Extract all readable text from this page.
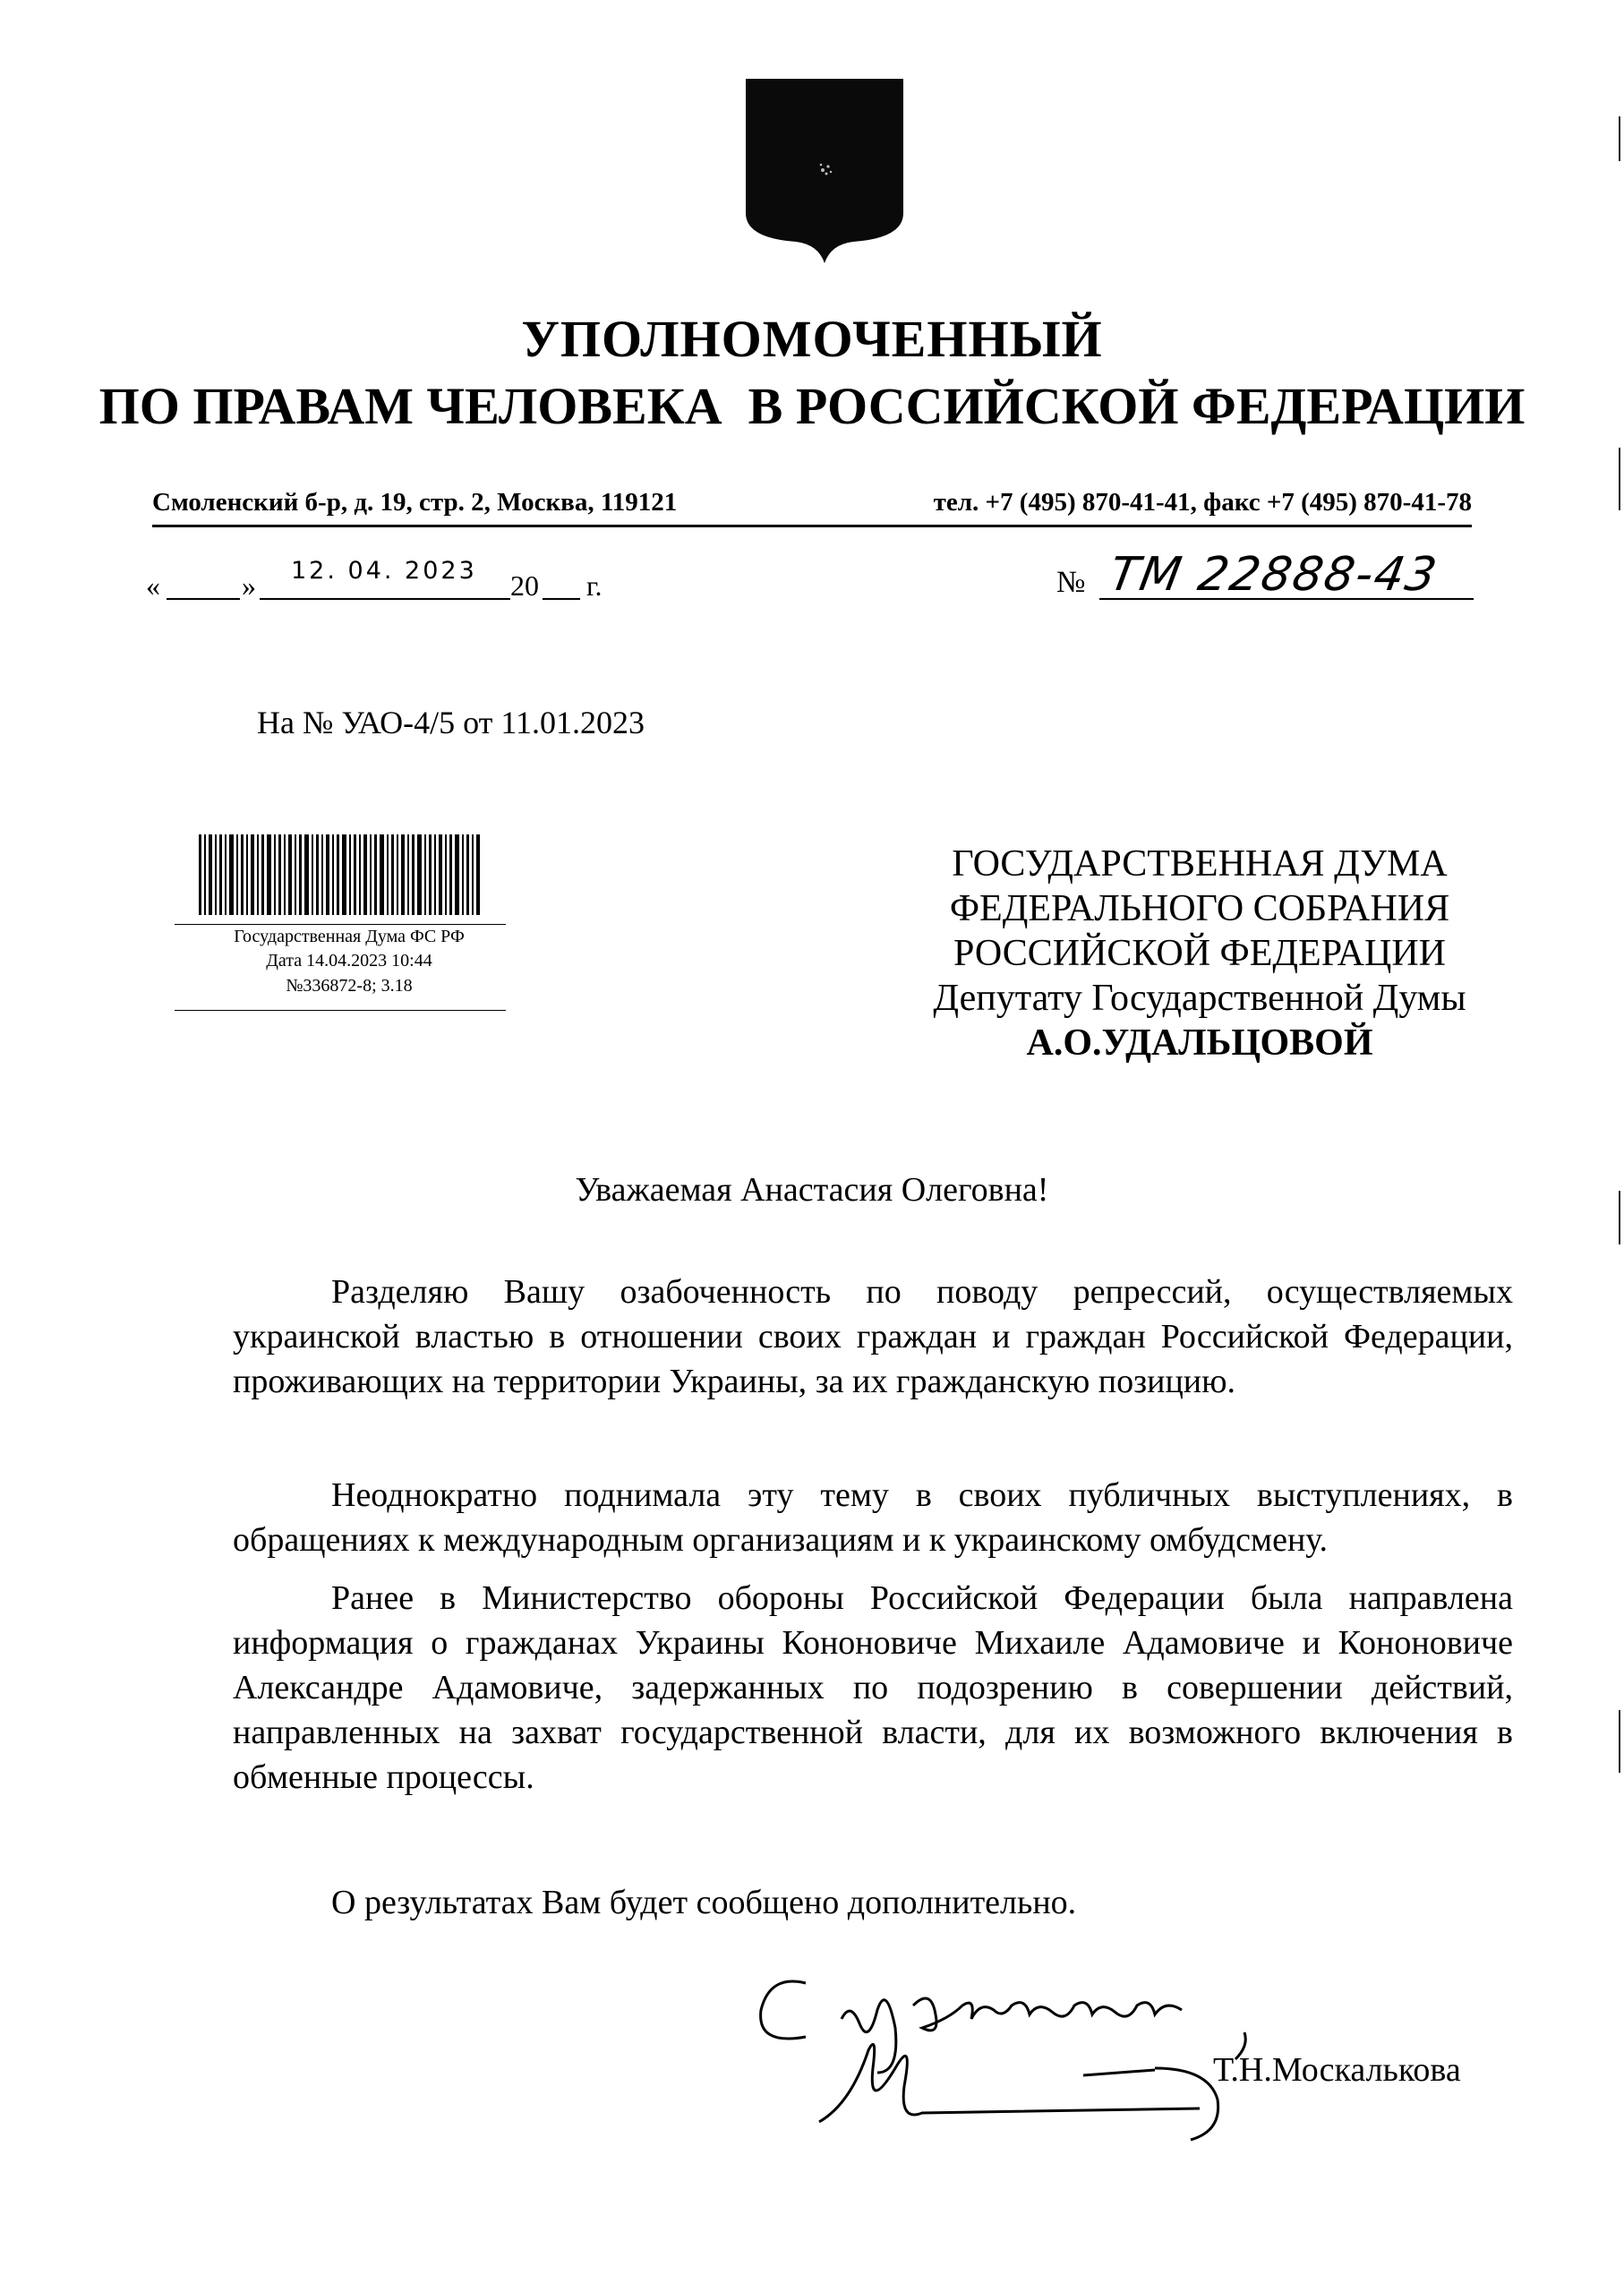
УПОЛНОМОЧЕННЫЙ
ПО ПРАВАМ ЧЕЛОВЕКА  В РОССИЙСКОЙ ФЕДЕРАЦИИ
Смоленский б-р, д. 19, стр. 2, Москва, 119121	тел. +7 (495) 870-41-41, факс +7 (495) 870-41-78
«	» 12. 04. 2023 20 г.	№ ТМ 22888-43
На № УАО-4/5 от 11.01.2023
Государственная Дума ФС РФ
Дата 14.04.2023 10:44
№336872-8; 3.18
ГОСУДАРСТВЕННАЯ ДУМА
ФЕДЕРАЛЬНОГО СОБРАНИЯ
РОССИЙСКОЙ ФЕДЕРАЦИИ
Депутату Государственной Думы
А.О.УДАЛЬЦОВОЙ
Уважаемая Анастасия Олеговна!
Разделяю Вашу озабоченность по поводу репрессий, осуществляемых украинской властью в отношении своих граждан и граждан Российской Федерации, проживающих на территории Украины, за их гражданскую позицию.
Неоднократно поднимала эту тему в своих публичных выступлениях, в обращениях к международным организациям и к украинскому омбудсмену.
Ранее в Министерство обороны Российской Федерации была направлена информация о гражданах Украины Кононовиче Михаиле Адамовиче и Кононовиче Александре Адамовиче, задержанных по подозрению в совершении действий, направленных на захват государственной власти, для их возможного включения в обменные процессы.
О результатах Вам будет сообщено дополнительно.
Т.Н.Москалькова
